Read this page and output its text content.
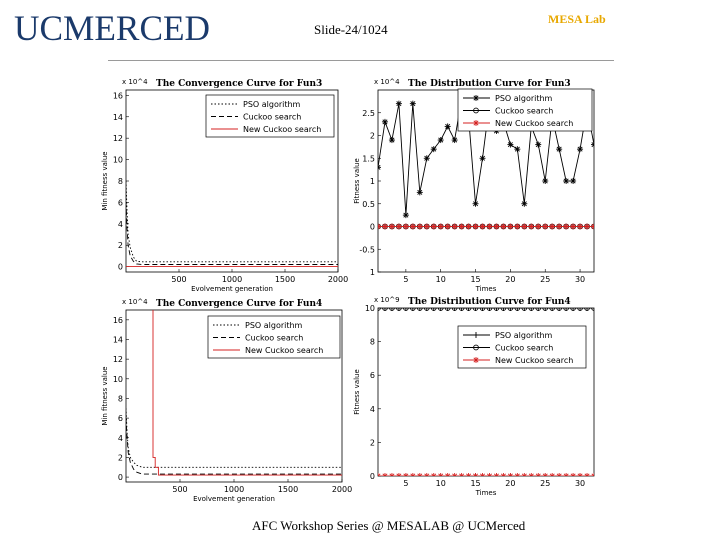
UCMERCED	Slide-24/1024
MESA Lab
500	1000	1500	2000
0
2
4
6
8
10
12
14
16
The Convergence Curve for Fun3
x 10^4
Evolvement generation
Min fitness value
PSO algorithm
Cuckoo search
New Cuckoo search
5	10	15	20	25	30
1
-0.5
0
0.5
1
1.5
2
2.5
The Distribution Curve for Fun3
x 10^4
Times
Fitness value
PSO algorithm
Cuckoo search
New Cuckoo search
500	1000	1500	2000
0
2
4
6
8
10
12
14
16
The Convergence Curve for Fun4
x 10^4
Evolvement generation
Min fitness value
PSO algorithm
Cuckoo search
New Cuckoo search
5	10	15	20	25	30
0
2
4
6
8
10
The Distribution Curve for Fun4
x 10^9
Times
Fitness value
PSO algorithm
Cuckoo search
New Cuckoo search
AFC Workshop Series @ MESALAB @ UCMerced
